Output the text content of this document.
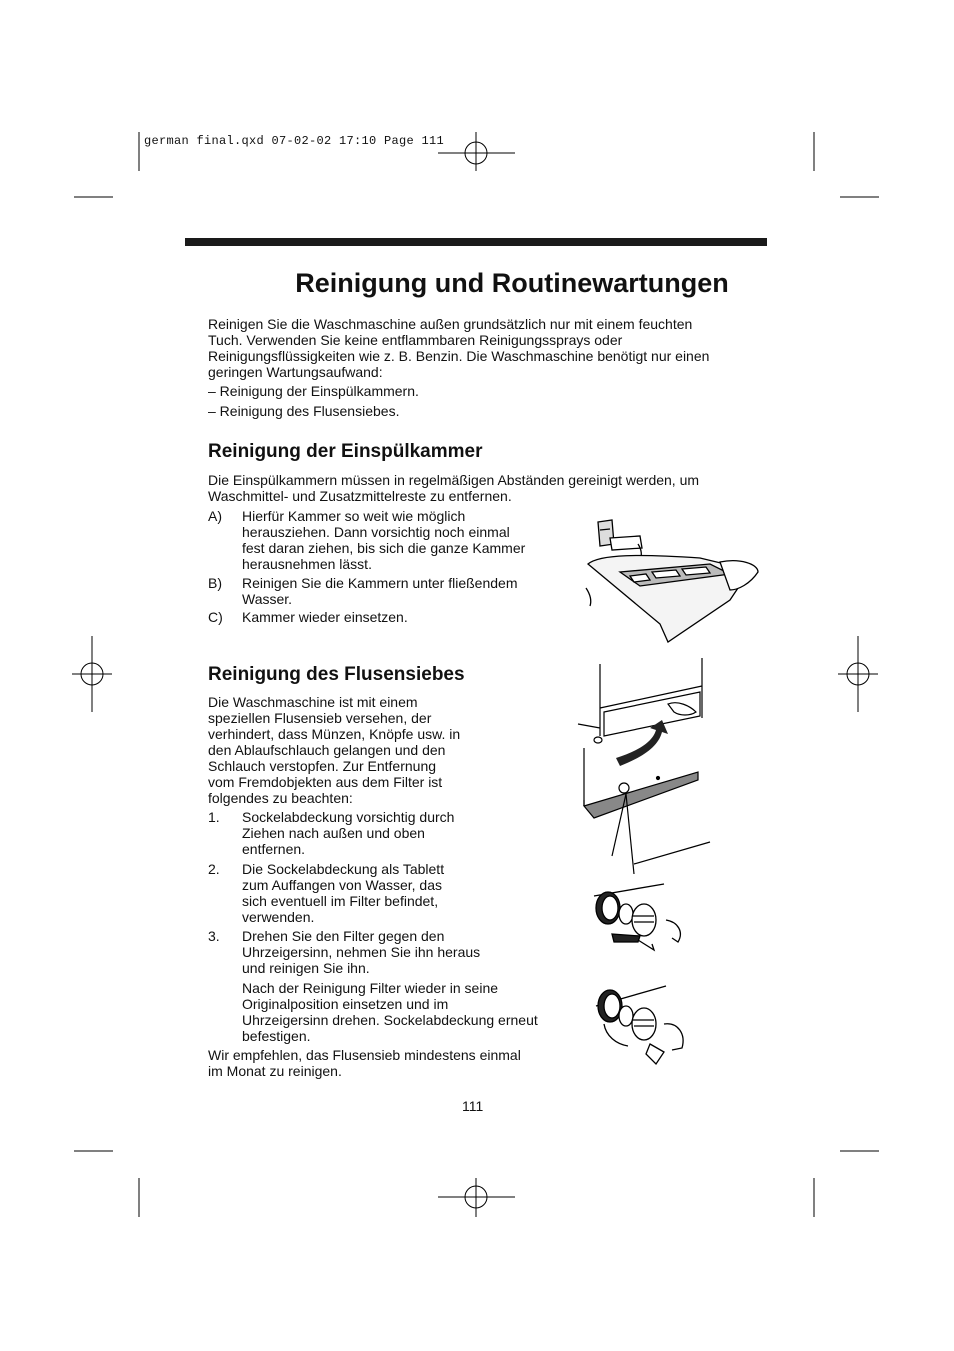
german final.qxd 07-02-02 17:10 Page 111
Reinigung und Routinewartungen
Reinigen Sie die Waschmaschine außen grundsätzlich nur mit einem feuchten
Tuch. Verwenden Sie keine entflammbaren Reinigungssprays oder
Reinigungsflüssigkeiten wie z. B. Benzin. Die Waschmaschine benötigt nur einen
geringen Wartungsaufwand:
– Reinigung der Einspülkammern.
– Reinigung des Flusensiebes.
Reinigung der Einspülkammer
Die Einspülkammern müssen in regelmäßigen Abständen gereinigt werden, um
Waschmittel- und Zusatzmittelreste zu entfernen.
A) Hierfür Kammer so weit wie möglich
herausziehen. Dann vorsichtig noch einmal
fest daran ziehen, bis sich die ganze Kammer
herausnehmen lässt.
B) Reinigen Sie die Kammern unter fließendem
Wasser.
C) Kammer wieder einsetzen.
Reinigung des Flusensiebes
Die Waschmaschine ist mit einem
speziellen Flusensieb versehen, der
verhindert, dass Münzen, Knöpfe usw. in
den Ablaufschlauch gelangen und den
Schlauch verstopfen. Zur Entfernung
vom Fremdobjekten aus dem Filter ist
folgendes zu beachten:
1. Sockelabdeckung vorsichtig durch
Ziehen nach außen und oben
entfernen.
2. Die Sockelabdeckung als Tablett
zum Auffangen von Wasser, das
sich eventuell im Filter befindet,
verwenden.
3. Drehen Sie den Filter gegen den
Uhrzeigersinn, nehmen Sie ihn heraus
und reinigen Sie ihn.
Nach der Reinigung Filter wieder in seine
Originalposition einsetzen und im
Uhrzeigersinn drehen. Sockelabdeckung erneut
befestigen.
Wir empfehlen, das Flusensieb mindestens einmal
im Monat zu reinigen.
111
